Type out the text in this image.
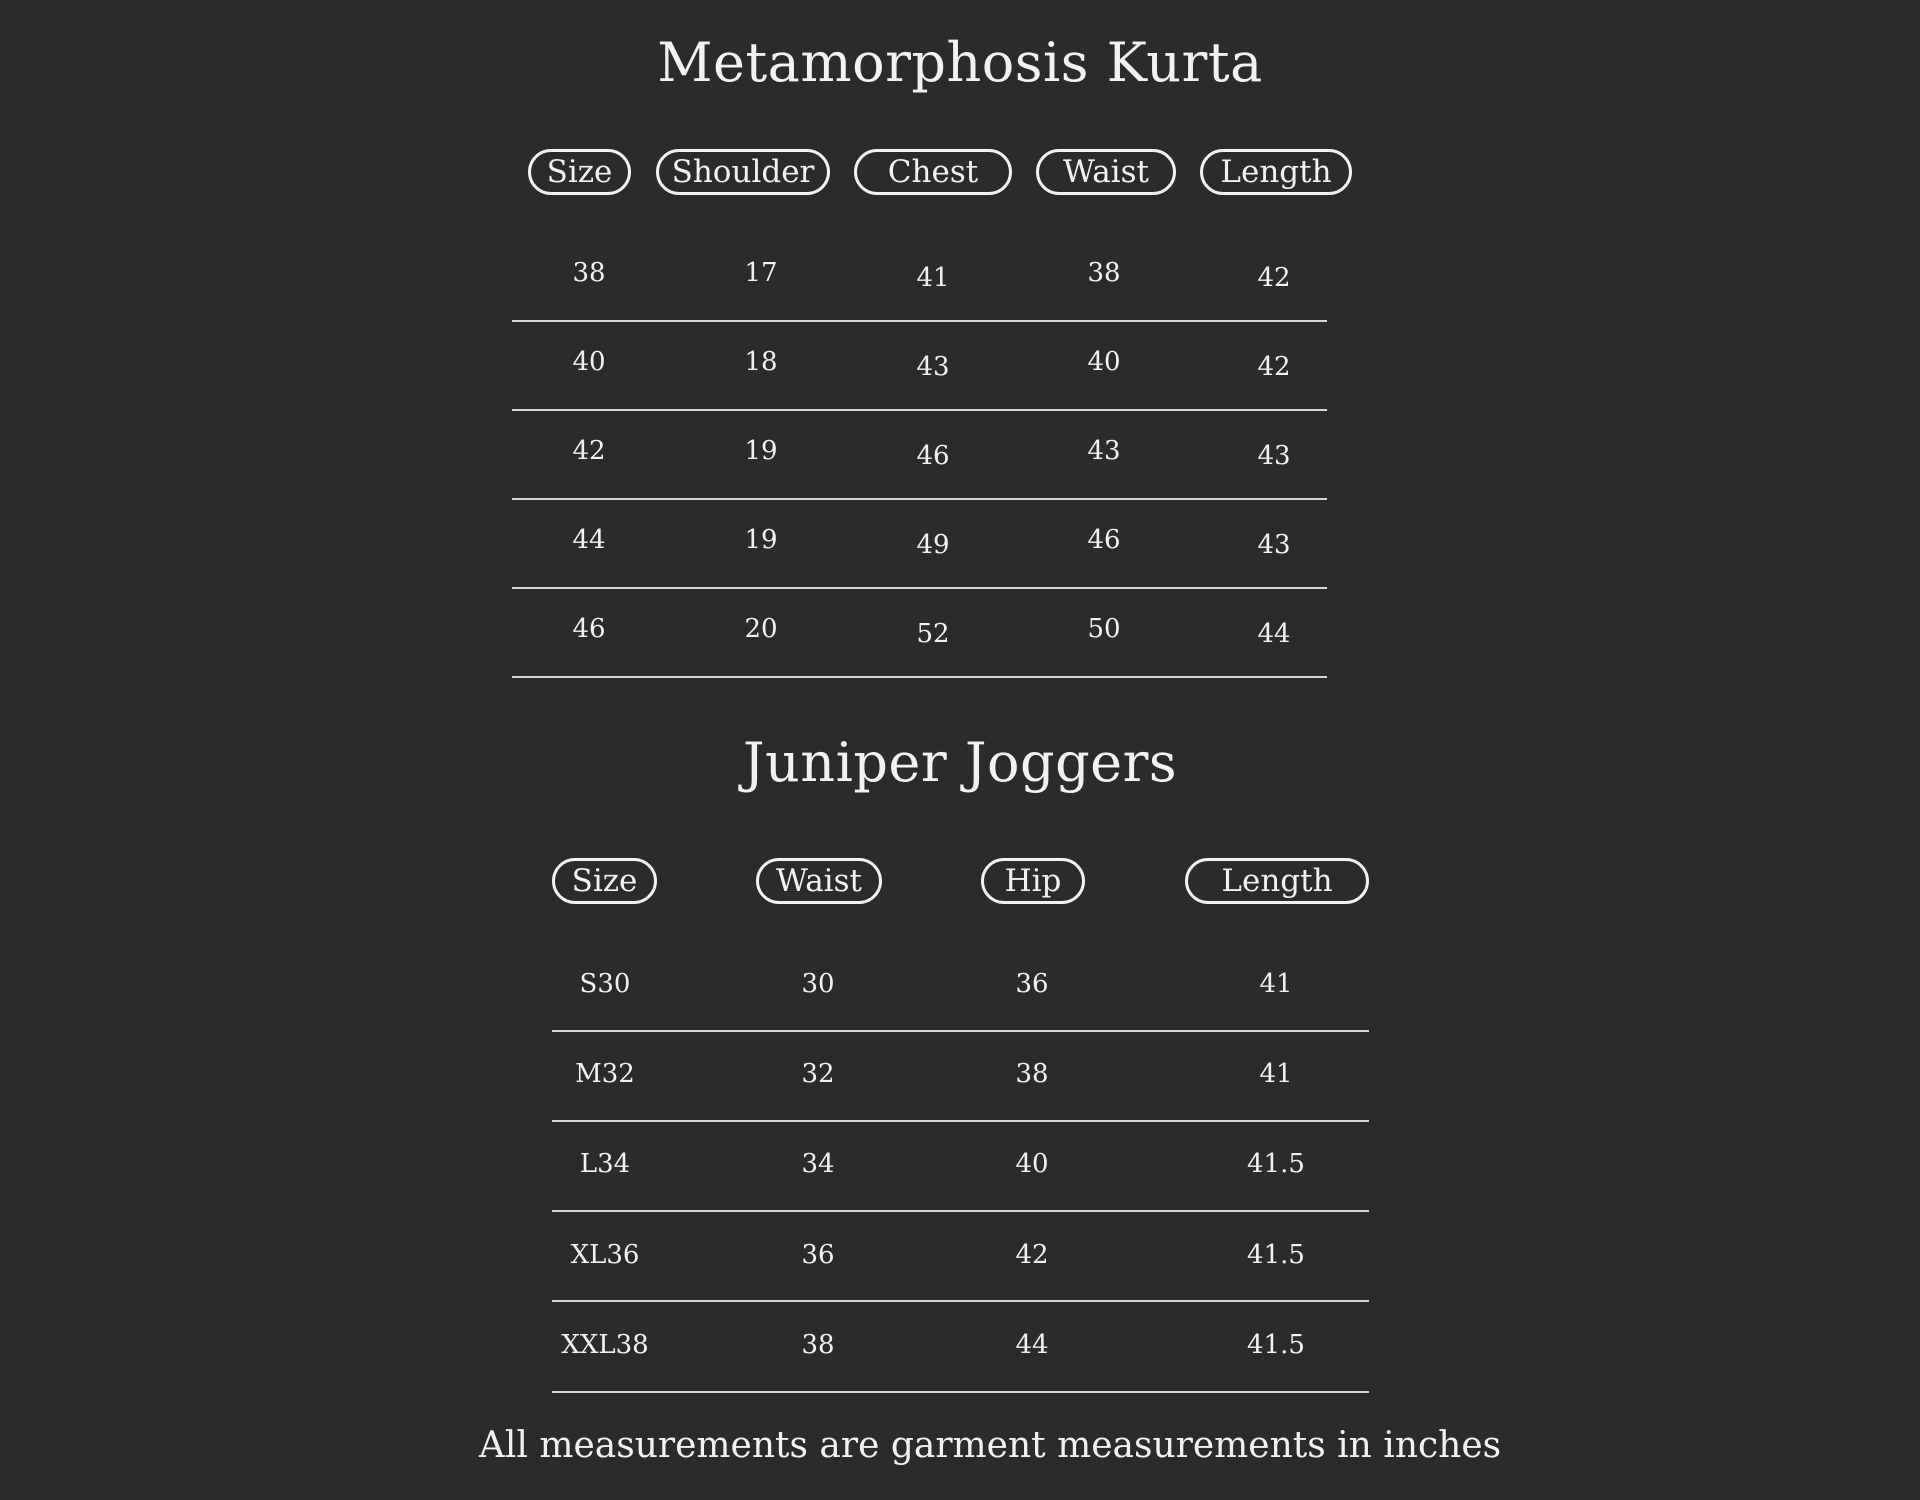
Metamorphosis Kurta
Size	Shoulder	Chest	Waist	Length
38	17	41	38	42
40	18	43	40	42
42	19	46	43	43
44	19	49	46	43
46	20	52	50	44
Juniper Joggers
Size	Waist	Hip	Length
S30	30	36	41
M32	32	38	41
L34	34	40	41.5
XL36	36	42	41.5
XXL38	38	44	41.5
All measurements are garment measurements in inches
